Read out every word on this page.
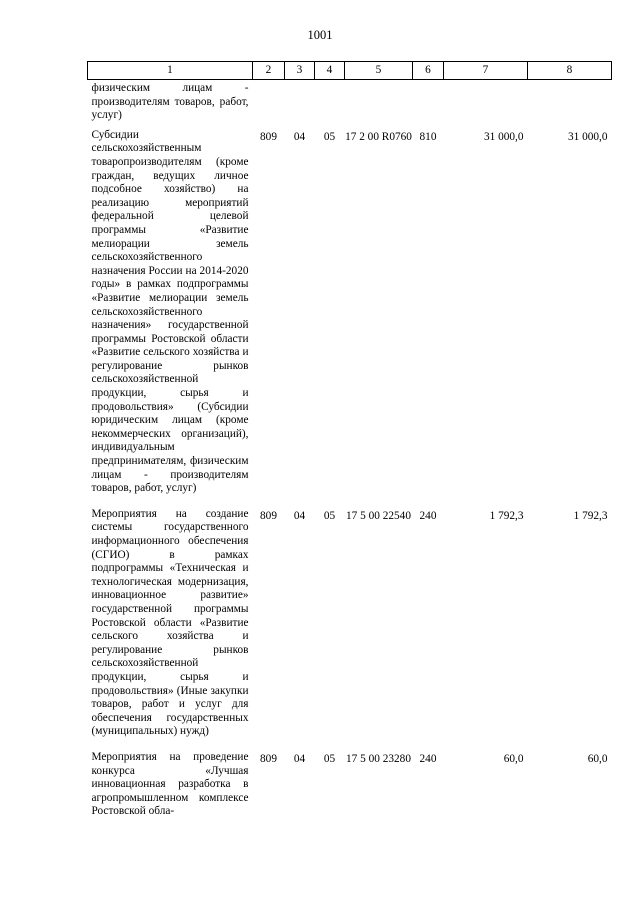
1001
1	2	3	4	5	6	7	8
физическим лицам - производителям товаров, работ, услуг)							
Субсидии сельскохозяйственным товаропроизводителям (кроме граждан, ведущих личное подсобное хозяйство) на реализацию мероприятий федеральной целевой программы «Развитие мелиорации земель сельскохозяйственного назначения России на 2014-2020 годы» в рамках подпрограммы «Развитие мелиорации земель сельскохозяйственного назначения» государственной программы Ростовской области «Развитие сельского хозяйства и регулирование рынков сельскохозяйственной продукции, сырья и продовольствия» (Субсидии юридическим лицам (кроме некоммерческих организаций), индивидуальным предпринимателям, физическим лицам - производителям товаров, работ, услуг)	809	04	05	17 2 00 R0760	810	31 000,0	31 000,0
Мероприятия на создание системы государственного информационного обеспечения (СГИО) в рамках подпрограммы «Техническая и технологическая модернизация, инновационное развитие» государственной программы Ростовской области «Развитие сельского хозяйства и регулирование рынков сельскохозяйственной продукции, сырья и продовольствия» (Иные закупки товаров, работ и услуг для обеспечения государственных (муниципальных) нужд)	809	04	05	17 5 00 22540	240	1 792,3	1 792,3
Мероприятия на проведение конкурса «Лучшая инновационная разработка в агропромышленном комплексе Ростовской обла-	809	04	05	17 5 00 23280	240	60,0	60,0
